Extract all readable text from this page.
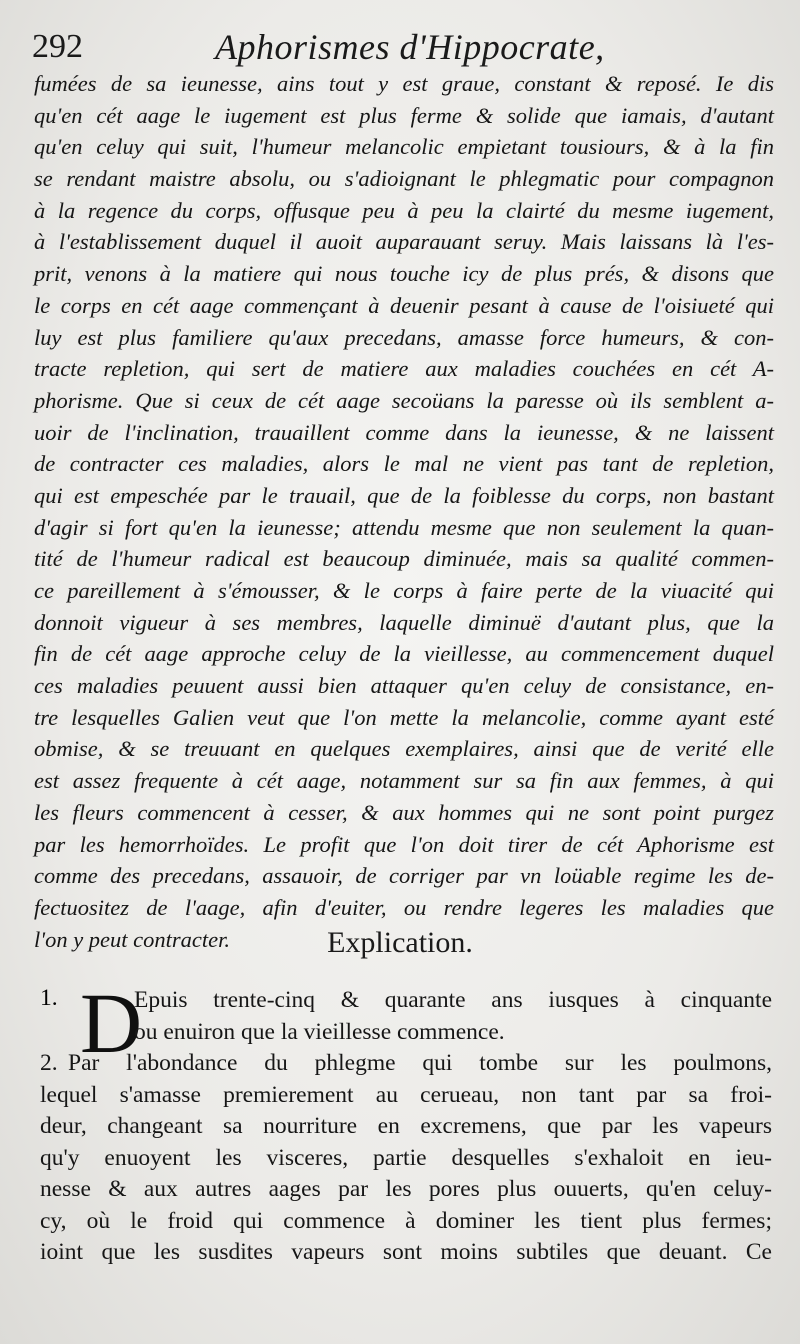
292	Aphorismes d'Hippocrate,
fumées de sa ieunesse, ains tout y est graue, constant & reposé. Ie dis
qu'en cét aage le iugement est plus ferme & solide que iamais, d'autant
qu'en celuy qui suit, l'humeur melancolic empietant tousiours, & à la fin
se rendant maistre absolu, ou s'adioignant le phlegmatic pour compagnon
à la regence du corps, offusque peu à peu la clairté du mesme iugement,
à l'establissement duquel il auoit auparauant seruy. Mais laissans là l'es-
prit, venons à la matiere qui nous touche icy de plus prés, & disons que
le corps en cét aage commençant à deuenir pesant à cause de l'oisiueté qui
luy est plus familiere qu'aux precedans, amasse force humeurs, & con-
tracte repletion, qui sert de matiere aux maladies couchées en cét A-
phorisme. Que si ceux de cét aage secoüans la paresse où ils semblent a-
uoir de l'inclination, trauaillent comme dans la ieunesse, & ne laissent
de contracter ces maladies, alors le mal ne vient pas tant de repletion,
qui est empeschée par le trauail, que de la foiblesse du corps, non bastant
d'agir si fort qu'en la ieunesse; attendu mesme que non seulement la quan-
tité de l'humeur radical est beaucoup diminuée, mais sa qualité commen-
ce pareillement à s'émousser, & le corps à faire perte de la viuacité qui
donnoit vigueur à ses membres, laquelle diminuë d'autant plus, que la
fin de cét aage approche celuy de la vieillesse, au commencement duquel
ces maladies peuuent aussi bien attaquer qu'en celuy de consistance, en-
tre lesquelles Galien veut que l'on mette la melancolie, comme ayant esté
obmise, & se treuuant en quelques exemplaires, ainsi que de verité elle
est assez frequente à cét aage, notamment sur sa fin aux femmes, à qui
les fleurs commencent à cesser, & aux hommes qui ne sont point purgez
par les hemorrhoïdes. Le profit que l'on doit tirer de cét Aphorisme est
comme des precedans, assauoir, de corriger par vn loüable regime les de-
fectuositez de l'aage, afin d'euiter, ou rendre legeres les maladies que
l'on y peut contracter.	Explication.
1. D
Epuis trente-cinq & quarante ans iusques à cinquante
ou enuiron que la vieillesse commence.
2. Par l'abondance du phlegme qui tombe sur les poulmons,
lequel s'amasse premierement au cerueau, non tant par sa froi-
deur, changeant sa nourriture en excremens, que par les vapeurs
qu'y enuoyent les visceres, partie desquelles s'exhaloit en ieu-
nesse & aux autres aages par les pores plus ouuerts, qu'en celuy-
cy, où le froid qui commence à dominer les tient plus fermes;
ioint que les susdites vapeurs sont moins subtiles que deuant. Ce
